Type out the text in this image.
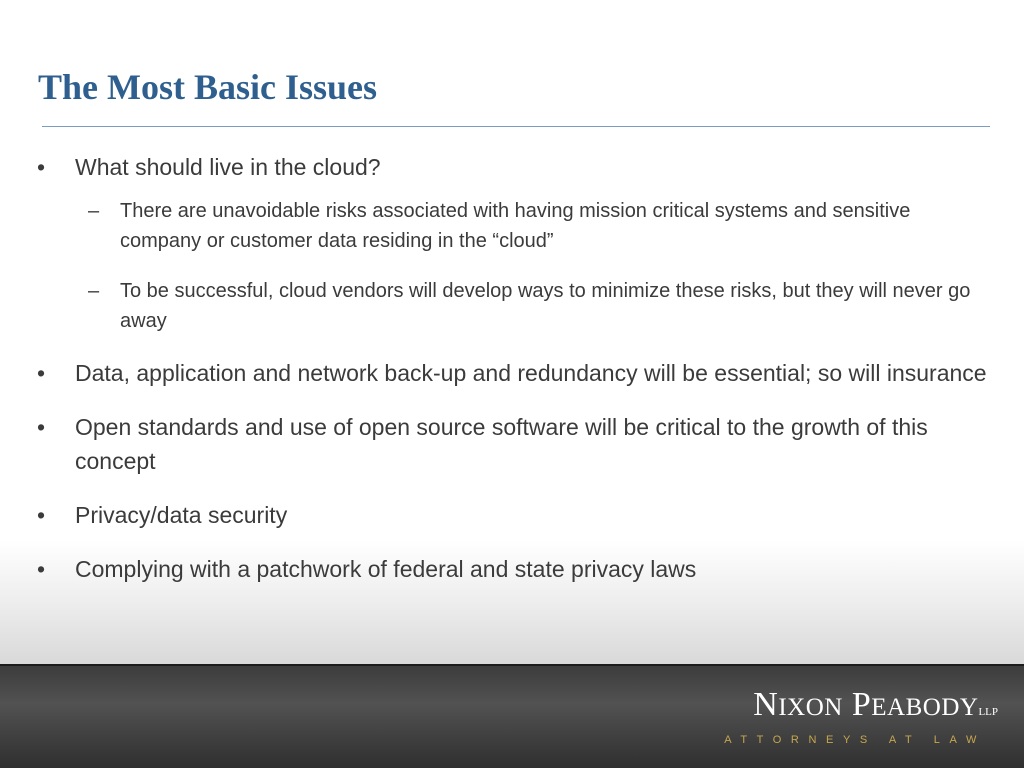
The Most Basic Issues
• What should live in the cloud?
– There are unavoidable risks associated with having mission critical systems and sensitive company or customer data residing in the “cloud”
– To be successful, cloud vendors will develop ways to minimize these risks, but they will never go away
• Data, application and network back-up and redundancy will be essential; so will insurance
• Open standards and use of open source software will be critical to the growth of this concept
• Privacy/data security
• Complying with a patchwork of federal and state privacy laws
NIXON PEABODYLLP
ATTORNEYS AT LAW
